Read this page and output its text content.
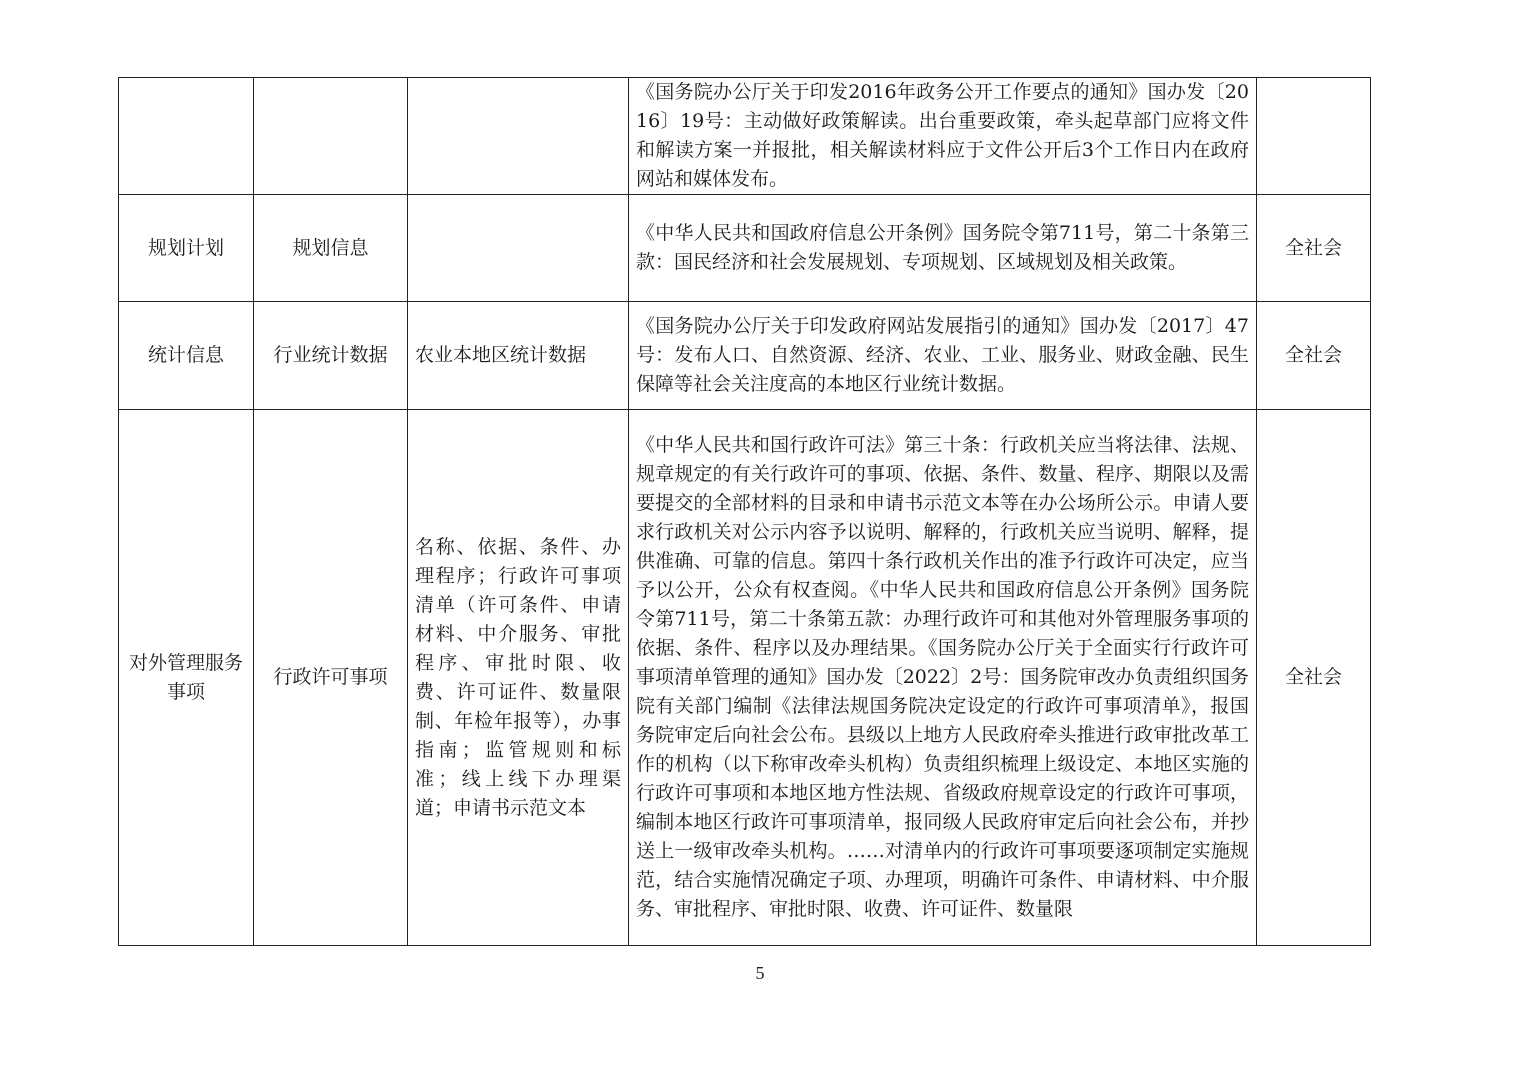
			《国务院办公厅关于印发2016年政务公开工作要点的通知》国办发〔2016〕19号：主动做好政策解读。出台重要政策，牵头起草部门应将文件和解读方案一并报批，相关解读材料应于文件公开后3个工作日内在政府网站和媒体发布。	
规划计划	规划信息		《中华人民共和国政府信息公开条例》国务院令第711号，第二十条第三款：国民经济和社会发展规划、专项规划、区域规划及相关政策。	全社会
统计信息	行业统计数据	农业本地区统计数据	《国务院办公厅关于印发政府网站发展指引的通知》国办发〔2017〕47号：发布人口、自然资源、经济、农业、工业、服务业、财政金融、民生保障等社会关注度高的本地区行业统计数据。	全社会
对外管理服务事项	行政许可事项	名称、依据、条件、办理程序；行政许可事项清单（许可条件、申请材料、中介服务、审批程序、审批时限、收费、许可证件、数量限制、年检年报等），办事指南；监管规则和标准；线上线下办理渠道；申请书示范文本	《中华人民共和国行政许可法》第三十条：行政机关应当将法律、法规、规章规定的有关行政许可的事项、依据、条件、数量、程序、期限以及需要提交的全部材料的目录和申请书示范文本等在办公场所公示。申请人要求行政机关对公示内容予以说明、解释的，行政机关应当说明、解释，提供准确、可靠的信息。第四十条行政机关作出的准予行政许可决定，应当予以公开，公众有权查阅。《中华人民共和国政府信息公开条例》国务院令第711号，第二十条第五款：办理行政许可和其他对外管理服务事项的依据、条件、程序以及办理结果。《国务院办公厅关于全面实行行政许可事项清单管理的通知》国办发〔2022〕2号：国务院审改办负责组织国务院有关部门编制《法律法规国务院决定设定的行政许可事项清单》，报国务院审定后向社会公布。县级以上地方人民政府牵头推进行政审批改革工作的机构（以下称审改牵头机构）负责组织梳理上级设定、本地区实施的行政许可事项和本地区地方性法规、省级政府规章设定的行政许可事项，编制本地区行政许可事项清单，报同级人民政府审定后向社会公布，并抄送上一级审改牵头机构。……对清单内的行政许可事项要逐项制定实施规范，结合实施情况确定子项、办理项，明确许可条件、申请材料、中介服务、审批程序、审批时限、收费、许可证件、数量限	全社会
5
